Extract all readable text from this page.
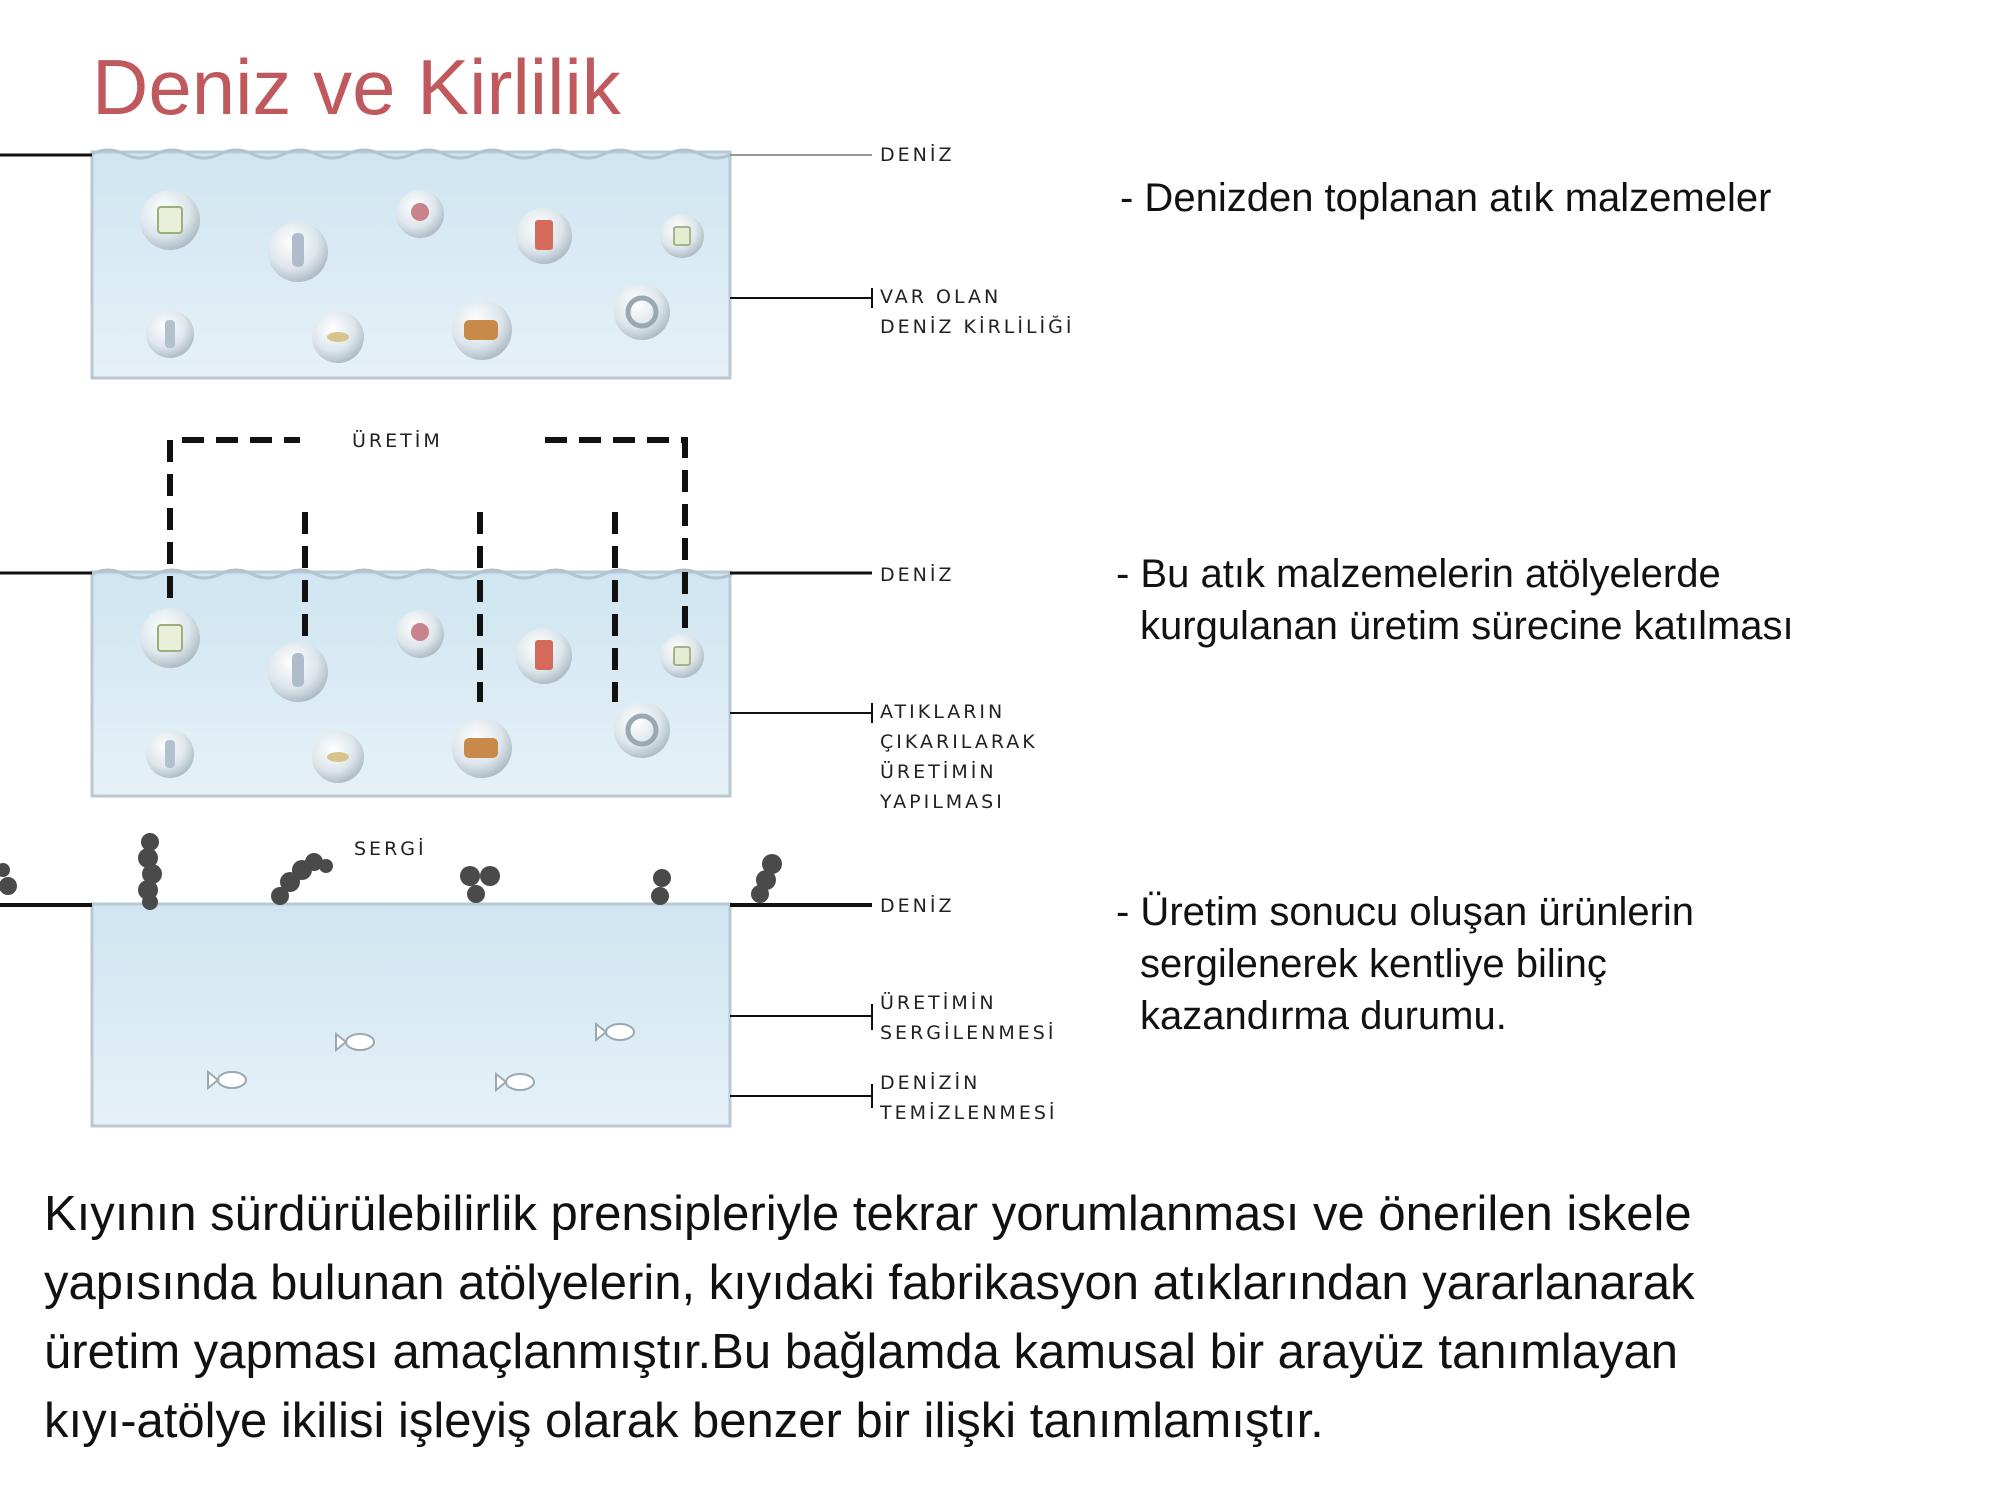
Deniz ve Kirlilik
DENİZ
VAR OLAN
DENİZ KİRLİLİĞİ
- Denizden toplanan atık malzemeler
ÜRETİM
DENİZ
ATIKLARIN
ÇIKARILARAK
ÜRETİMİN
YAPILMASI
- Bu atık malzemelerin atölyelerde
kurgulanan üretim sürecine katılması
SERGİ
DENİZ
ÜRETİMİN
SERGİLENMESİ
DENİZİN
TEMİZLENMESİ
- Üretim sonucu oluşan ürünlerin
sergilenerek kentliye bilinç
kazandırma durumu.
Kıyının sürdürülebilirlik prensipleriyle tekrar yorumlanması ve önerilen iskele
yapısında bulunan atölyelerin, kıyıdaki fabrikasyon atıklarından yararlanarak
üretim yapması amaçlanmıştır.Bu bağlamda kamusal bir arayüz tanımlayan
kıyı-atölye ikilisi işleyiş olarak benzer bir ilişki tanımlamıştır.
